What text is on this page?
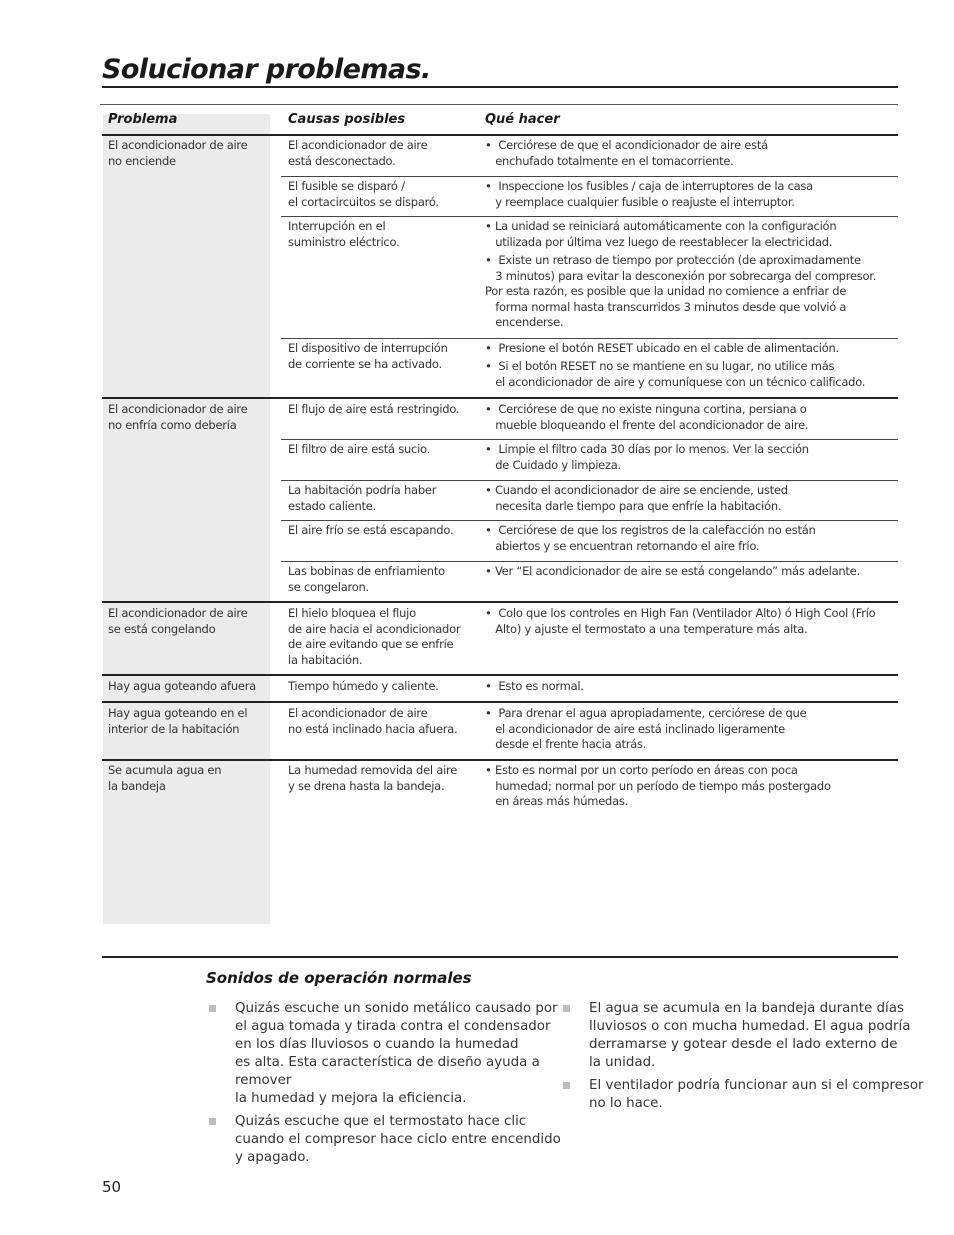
Solucionar problemas.
Problema	Causas posibles	Qué hacer
El acondicionador de aire
no enciende
El acondicionador de aire
no enfría como debería
El acondicionador de aire
se está congelando
Hay agua goteando afuera
Hay agua goteando en el
interior de la habitación
Se acumula agua en
la bandeja
El acondicionador de aire
está desconectado.
El fusible se disparó /
el cortacircuitos se disparó.
Interrupción en el
suministro eléctrico.
El dispositivo de interrupción
de corriente se ha activado.
El flujo de aire está restringido.
El filtro de aire está sucio.
La habitación podría haber
estado caliente.
El aire frío se está escapando.
Las bobinas de enfriamiento
se congelaron.
El hielo bloquea el flujo
de aire hacia el acondicionador
de aire evitando que se enfríe
la habitación.
Tiempo húmedo y caliente.
El acondicionador de aire
no está inclinado hacia afuera.
La humedad removida del aire
y se drena hasta la bandeja.
•  Cerciórese de que el acondicionador de aire está
enchufado totalmente en el tomacorriente.
•  Inspeccione los fusibles / caja de interruptores de la casa
y reemplace cualquier fusible o reajuste el interruptor.
• La unidad se reiniciará automáticamente con la configuración
utilizada por última vez luego de reestablecer la electricidad.
•  Existe un retraso de tiempo por protección (de aproximadamente
3 minutos) para evitar la desconexión por sobrecarga del compresor.
Por esta razón, es posible que la unidad no comience a enfriar de
forma normal hasta transcurridos 3 minutos desde que volvió a
encenderse.
•  Presione el botón RESET ubicado en el cable de alimentación.
•  Si el botón RESET no se mantiene en su lugar, no utilice más
el acondicionador de aire y comuníquese con un técnico calificado.
•  Cerciórese de que no existe ninguna cortina, persiana o
mueble bloqueando el frente del acondicionador de aire.
•  Limpie el filtro cada 30 días por lo menos. Ver la sección
de Cuidado y limpieza.
• Cuando el acondicionador de aire se enciende, usted
necesita darle tiempo para que enfríe la habitación.
•  Cerciórese de que los registros de la calefacción no están
abiertos y se encuentran retornando el aire frío.
• Ver “El acondicionador de aire se está congelando” más adelante.
•  Colo que los controles en High Fan (Ventilador Alto) ó High Cool (Frío
Alto) y ajuste el termostato a una temperature más alta.
•  Esto es normal.
•  Para drenar el agua apropiadamente, cerciórese de que
el acondicionador de aire está inclinado ligeramente
desde el frente hacia atrás.
• Esto es normal por un corto período en áreas con poca
humedad; normal por un período de tiempo más postergado
en áreas más húmedas.
Sonidos de operación normales
Quizás escuche un sonido metálico causado por
el agua tomada y tirada contra el condensador
en los días lluviosos o cuando la humedad
es alta. Esta característica de diseño ayuda a
remover
la humedad y mejora la eficiencia.
Quizás escuche que el termostato hace clic
cuando el compresor hace ciclo entre encendido
y apagado.
El agua se acumula en la bandeja durante días
lluviosos o con mucha humedad. El agua podría
derramarse y gotear desde el lado externo de
la unidad.
El ventilador podría funcionar aun si el compresor
no lo hace.
50
